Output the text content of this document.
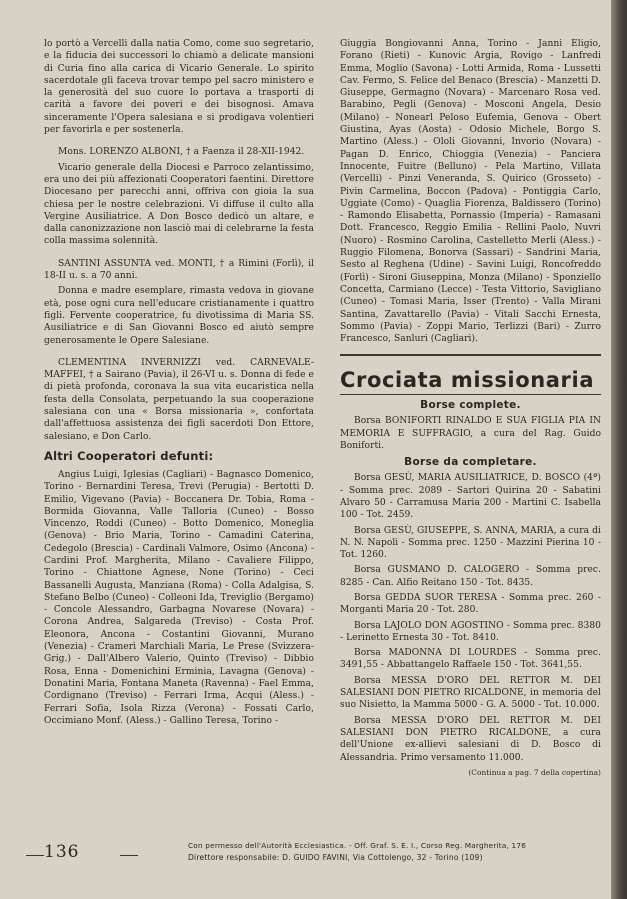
lo portò a Vercelli dalla natia Como, come suo segretario, e la fiducia dei successori lo chiamò a delicate mansioni di Curia fino alla carica di Vicario Generale. Lo spirito sacerdotale gli faceva trovar tempo pel sacro ministero e la generosità del suo cuore lo portava a trasporti di carità a favore dei poveri e dei bisognosi. Amava sinceramente l'Opera salesiana e si prodigava volentieri per favorirla e per sostenerla.

Mons. LORENZO ALBONI, † a Faenza il 28-XII-1942.

Vicario generale della Diocesi e Parroco zelantissimo, era uno dei più affezionati Cooperatori faentini. Direttore Diocesano per parecchi anni, offriva con gioia la sua chiesa per le nostre celebrazioni. Vi diffuse il culto alla Vergine Ausiliatrice. A Don Bosco dedicò un altare, e dalla canonizzazione non lasciò mai di celebrarne la festa colla massima solennità.

SANTINI ASSUNTA ved. MONTI, † a Rimini (Forlì), il 18-II u. s. a 70 anni.

Donna e madre esemplare, rimasta vedova in giovane età, pose ogni cura nell'educare cristianamente i quattro figli. Fervente cooperatrice, fu divotissima di Maria SS. Ausiliatrice e di San Giovanni Bosco ed aiutò sempre generosamente le Opere Salesiane.

CLEMENTINA INVERNIZZI ved. CARNEVALE-MAFFEI, † a Sairano (Pavia), il 26-VI u. s. Donna di fede e di pietà profonda, coronava la sua vita eucaristica nella festa della Consolata, perpetuando la sua cooperazione salesiana con una « Borsa missionaria », confortata dall'affettuosa assistenza dei figli sacerdoti Don Ettore, salesiano, e Don Carlo.

Altri Cooperatori defunti:

Angius Luigi, Iglesias (Cagliari) - Bagnasco Domenico, Torino - Bernardini Teresa, Trevi (Perugia) - Bertotti D. Emilio, Vigevano (Pavia) - Boccanera Dr. Tobia, Roma - Bormida Giovanna, Valle Talloria (Cuneo) - Bosso Vincenzo, Roddi (Cuneo) - Botto Domenico, Moneglia (Genova) - Brio Maria, Torino - Camadini Caterina, Cedegolo (Brescia) - Cardinali Valmore, Osimo (Ancona) - Cardini Prof. Margherita, Milano - Cavaliere Filippo, Torino - Chiattone Agnese, None (Torino) - Ceci Bassanelli Augusta, Manziana (Roma) - Colla Adalgisa, S. Stefano Belbo (Cuneo) - Colleoni Ida, Treviglio (Bergamo) - Concole Alessandro, Garbagna Novarese (Novara) - Corona Andrea, Salgareda (Treviso) - Costa Prof. Eleonora, Ancona - Costantini Giovanni, Murano (Venezia) - Cramerì Marchiali Maria, Le Prese (Svizzera-Grig.) - Dall'Albero Valerio, Quinto (Treviso) - Dibbio Rosa, Enna - Domenichini Erminia, Lavagna (Genova) - Donatini Maria, Fontana Maneta (Ravenna) - Fael Emma, Cordignano (Treviso) - Ferrari Irma, Acqui (Aless.) - Ferrari Sofia, Isola Rizza (Verona) - Fossati Carlo, Occimiano Monf. (Aless.) - Gallino Teresa, Torino -

Giuggia Bongiovanni Anna, Torino - Janni Eligio, Forano (Rieti) - Kunovic Argia, Rovigo - Lanfredi Emma, Moglio (Savona) - Lotti Armida, Roma - Lussetti Cav. Fermo, S. Felice del Benaco (Brescia) - Manzetti D. Giuseppe, Germagno (Novara) - Marcenaro Rosa ved. Barabino, Pegli (Genova) - Mosconi Angela, Desio (Milano) - Nonearl Peloso Eufemia, Genova - Obert Giustina, Ayas (Aosta) - Odosio Michele, Borgo S. Martino (Aless.) - Ololi Giovanni, Invorio (Novara) - Pagan D. Enrico, Chioggia (Venezia) - Panciera Innocente, Fuitre (Belluno) - Pela Martino, Villata (Vercelli) - Pinzi Veneranda, S. Quirico (Grosseto) - Pivin Carmelina, Boccon (Padova) - Pontiggia Carlo, Uggiate (Como) - Quaglia Fiorenza, Baldissero (Torino) - Ramondo Elisabetta, Pornassio (Imperia) - Ramasani Dott. Francesco, Reggio Emilia - Rellini Paolo, Nuvri (Nuoro) - Rosmino Carolina, Castelletto Merli (Aless.) - Ruggio Filomena, Bonorva (Sassari) - Sandrini Maria, Sesto al Reghena (Udine) - Savini Luigi, Roncofreddo (Forlì) - Sironi Giuseppina, Monza (Milano) - Sponziello Concetta, Carmiano (Lecce) - Testa Vittorio, Savigliano (Cuneo) - Tomasi Maria, Isser (Trento) - Valla Mirani Santina, Zavattarello (Pavia) - Vitali Sacchi Ernesta, Sommo (Pavia) - Zoppi Mario, Terlizzi (Bari) - Zurro Francesco, Sanluri (Cagliari).

Crociata missionaria
Borse complete.

Borsa BONIFORTI RINALDO E SUA FIGLIA PIA IN MEMORIA E SUFFRAGIO, a cura del Rag. Guido Boniforti.

Borse da completare.

Borsa GESÙ, MARIA AUSILIATRICE, D. BOSCO (4ª) - Somma prec. 2089 - Sartori Quirina 20 - Sabatini Alvaro 50 - Carramusa Maria 200 - Martini C. Isabella 100 - Tot. 2459.

Borsa GESÙ, GIUSEPPE, S. ANNA, MARIA, a cura di N. N. Napoli - Somma prec. 1250 - Mazzini Pierina 10 - Tot. 1260.

Borsa GUSMANO D. CALOGERO - Somma prec. 8285 - Can. Alfio Reitano 150 - Tot. 8435.

Borsa GEDDA SUOR TERESA - Somma prec. 260 - Morganti Maria 20 - Tot. 280.

Borsa LAJOLO DON AGOSTINO - Somma prec. 8380 - Lerinetto Ernesta 30 - Tot. 8410.

Borsa MADONNA DI LOURDES - Somma prec. 3491,55 - Abbattangelo Raffaele 150 - Tot. 3641,55.

Borsa MESSA D'ORO DEL RETTOR M. DEI SALESIANI DON PIETRO RICALDONE, in memoria del suo Nisietto, la Mamma 5000 - G. A. 5000 - Tot. 10.000.

Borsa MESSA D'ORO DEL RETTOR M. DEI SALESIANI DON PIETRO RICALDONE, a cura dell'Unione ex-allievi salesiani di D. Bosco di Alessandria. Primo versamento 11.000.

(Continua a pag. 7 della copertina)

136	Con permesso dell'Autorità Ecclesiastica. - Off. Graf. S. E. I., Corso Reg. Margherita, 176
Direttore responsabile: D. GUIDO FAVINI, Via Cottolengo, 32 - Torino (109)
